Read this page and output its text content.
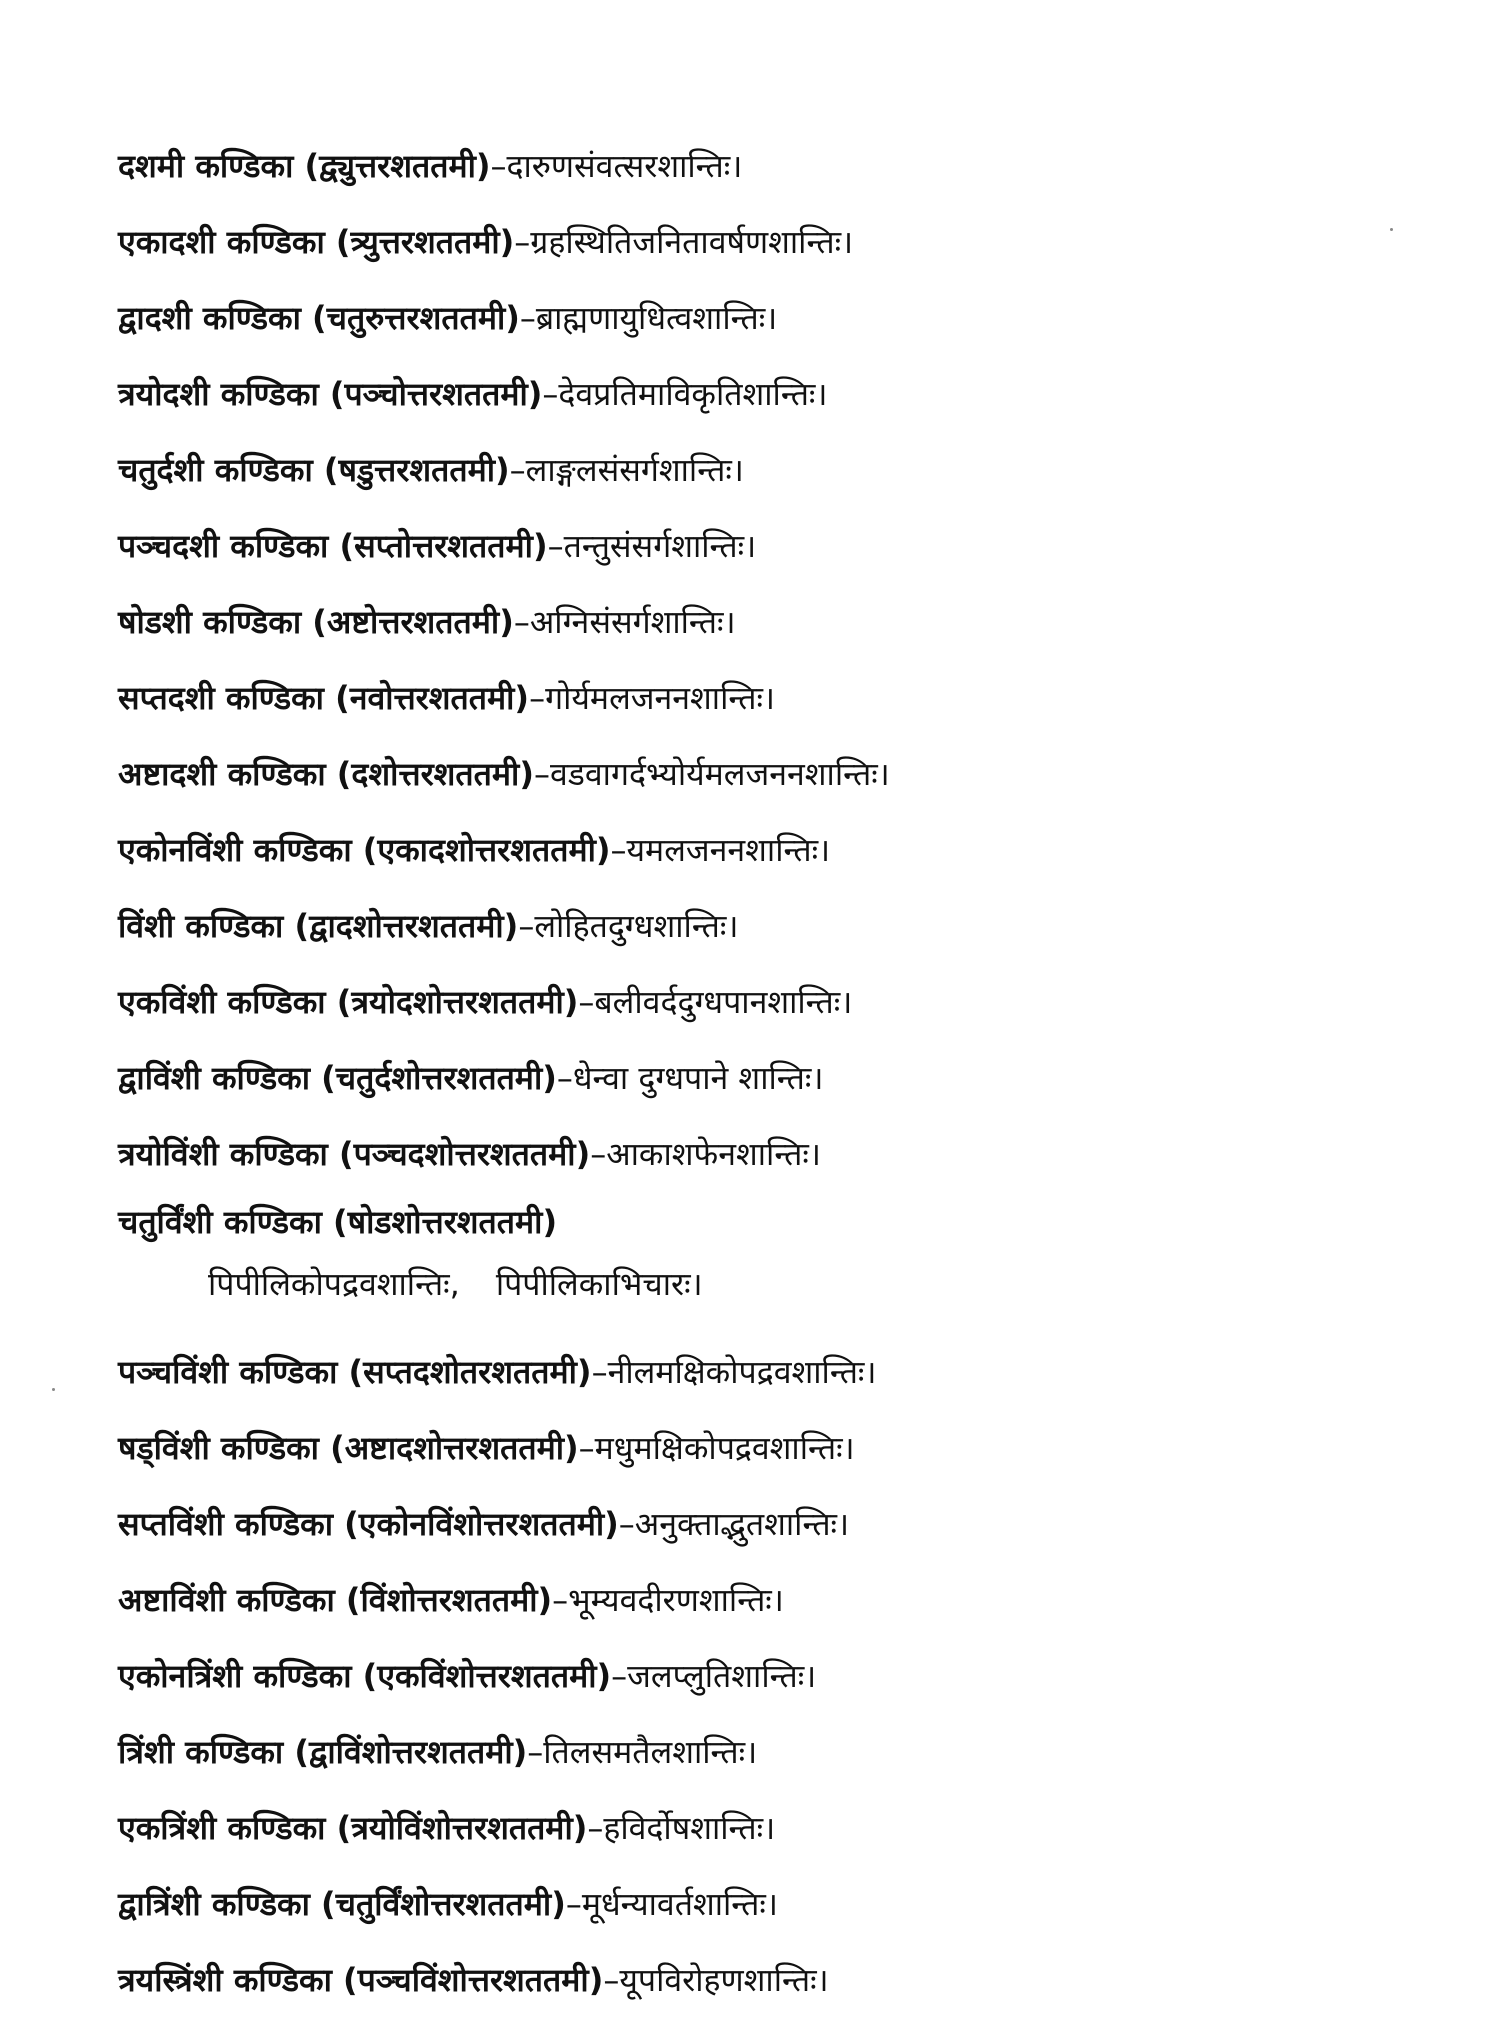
दशमी कण्डिका (द्व्युत्तरशततमी) –दारुणसंवत्सरशान्तिः।
एकादशी कण्डिका (त्र्युत्तरशततमी) –ग्रहस्थितिजनितावर्षणशान्तिः।
द्वादशी कण्डिका (चतुरुत्तरशततमी) –ब्राह्मणायुधित्वशान्तिः।
त्रयोदशी कण्डिका (पञ्चोत्तरशततमी) –देवप्रतिमाविकृतिशान्तिः।
चतुर्दशी कण्डिका (षडुत्तरशततमी) –लाङ्गलसंसर्गशान्तिः।
पञ्चदशी कण्डिका (सप्तोत्तरशततमी) –तन्तुसंसर्गशान्तिः।
षोडशी कण्डिका (अष्टोत्तरशततमी) –अग्निसंसर्गशान्तिः।
सप्तदशी कण्डिका (नवोत्तरशततमी) –गोर्यमलजननशान्तिः।
अष्टादशी कण्डिका (दशोत्तरशततमी) –वडवागर्दभ्योर्यमलजननशान्तिः।
एकोनविंशी कण्डिका (एकादशोत्तरशततमी) –यमलजननशान्तिः।
विंशी कण्डिका (द्वादशोत्तरशततमी) –लोहितदुग्धशान्तिः।
एकविंशी कण्डिका (त्रयोदशोत्तरशततमी) –बलीवर्ददुग्धपानशान्तिः।
द्वाविंशी कण्डिका (चतुर्दशोत्तरशततमी) –धेन्वा दुग्धपाने शान्तिः।
त्रयोविंशी कण्डिका (पञ्चदशोत्तरशततमी) –आकाशफेनशान्तिः।
चतुर्विंशी कण्डिका (षोडशोत्तरशततमी)
पिपीलिकोपद्रवशान्तिः, पिपीलिकाभिचारः।
पञ्चविंशी कण्डिका (सप्तदशोतरशततमी) –नीलमक्षिकोपद्रवशान्तिः।
षड्विंशी कण्डिका (अष्टादशोत्तरशततमी) –मधुमक्षिकोपद्रवशान्तिः।
सप्तविंशी कण्डिका (एकोनविंशोत्तरशततमी) –अनुक्ताद्भुतशान्तिः।
अष्टाविंशी कण्डिका (विंशोत्तरशततमी) –भूम्यवदीरणशान्तिः।
एकोनत्रिंशी कण्डिका (एकविंशोत्तरशततमी) –जलप्लुतिशान्तिः।
त्रिंशी कण्डिका (द्वाविंशोत्तरशततमी) –तिलसमतैलशान्तिः।
एकत्रिंशी कण्डिका (त्रयोविंशोत्तरशततमी) –हविर्दोषशान्तिः।
द्वात्रिंशी कण्डिका (चतुर्विंशोत्तरशततमी) –मूर्धन्यावर्तशान्तिः।
त्रयस्त्रिंशी कण्डिका (पञ्चविंशोत्तरशततमी) –यूपविरोहणशान्तिः।
